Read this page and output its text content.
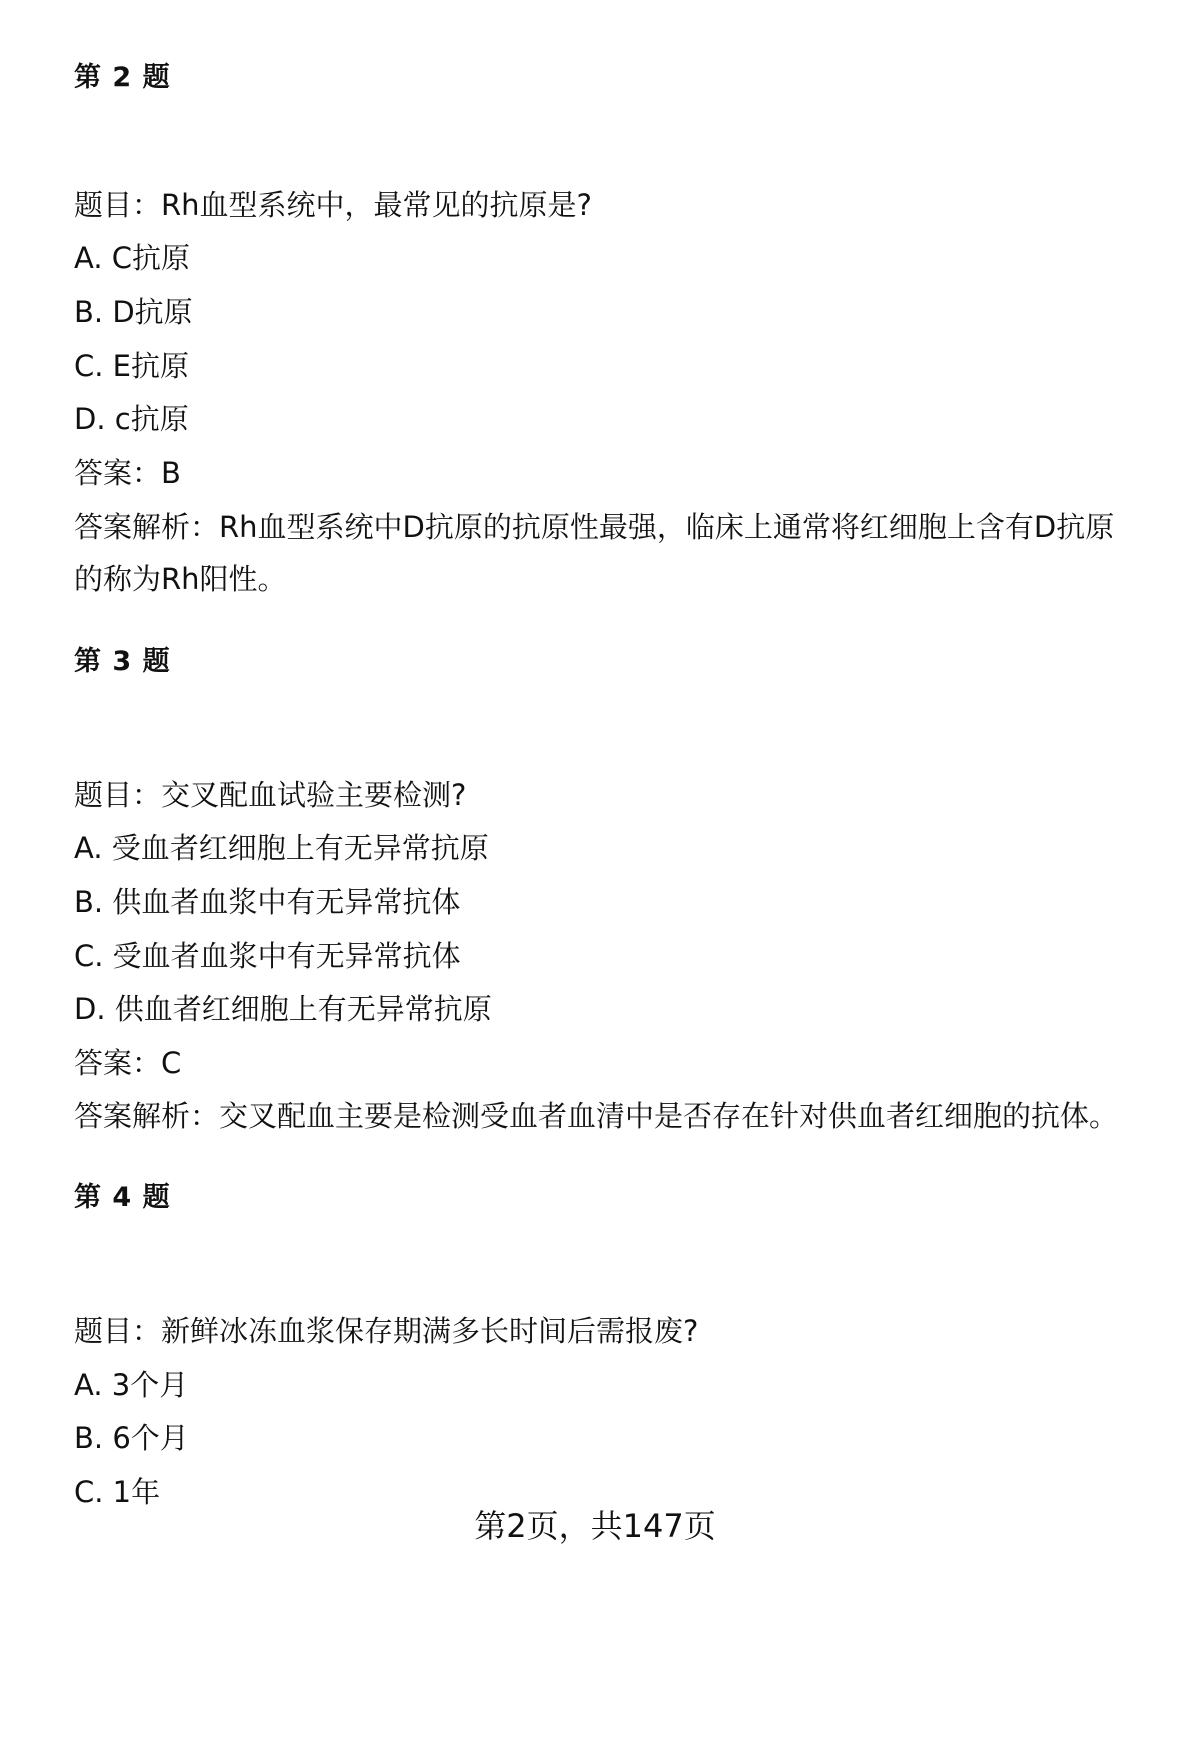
第 2 题
题目：Rh血型系统中，最常见的抗原是?
A. C抗原
B. D抗原
C. E抗原
D. c抗原
答案：B
答案解析：Rh血型系统中D抗原的抗原性最强，临床上通常将红细胞上含有D抗原
的称为Rh阳性。
第 3 题
题目：交叉配血试验主要检测?
A. 受血者红细胞上有无异常抗原
B. 供血者血浆中有无异常抗体
C. 受血者血浆中有无异常抗体
D. 供血者红细胞上有无异常抗原
答案：C
答案解析：交叉配血主要是检测受血者血清中是否存在针对供血者红细胞的抗体。
第 4 题
题目：新鲜冰冻血浆保存期满多长时间后需报废?
A. 3个月
B. 6个月
C. 1年
第2页，共147页
